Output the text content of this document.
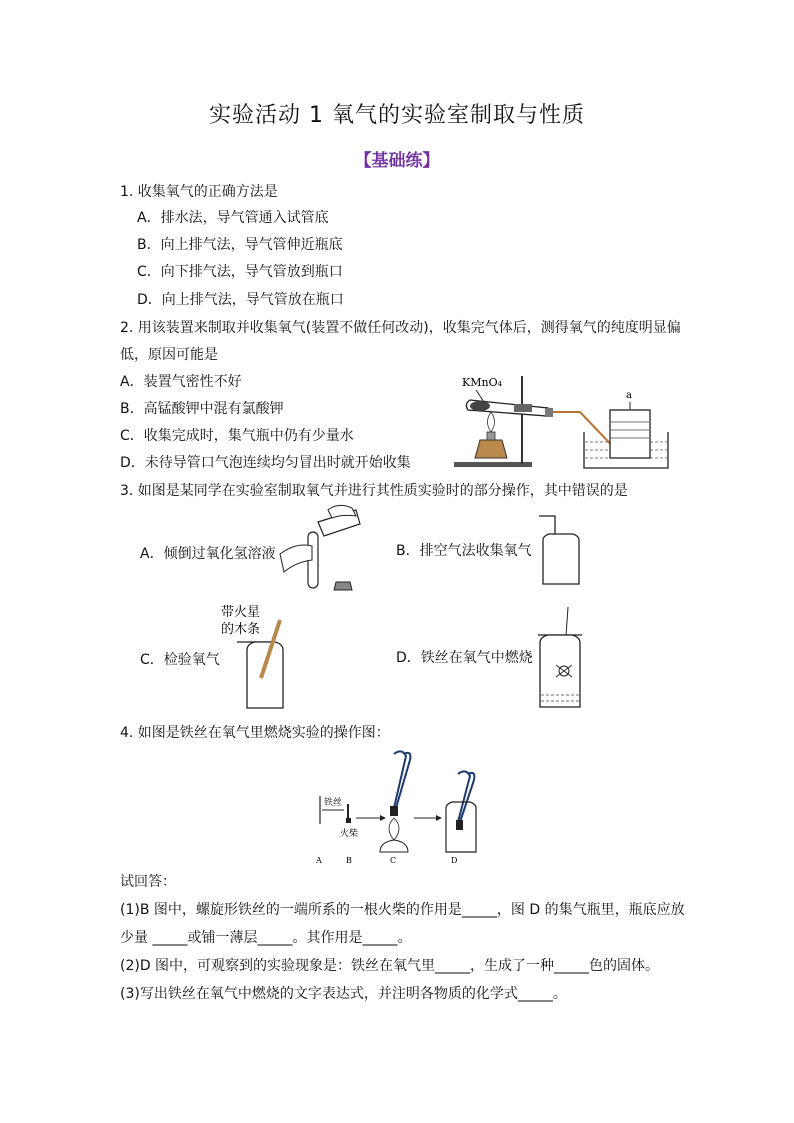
实验活动 1 氧气的实验室制取与性质
【基础练】
1. 收集氧气的正确方法是
A．排水法，导气管通入试管底
B．向上排气法，导气管伸近瓶底
C．向下排气法，导气管放到瓶口
D．向上排气法，导气管放在瓶口
2. 用该装置来制取并收集氧气(装置不做任何改动)，收集完气体后，测得氧气的纯度明显偏
低，原因可能是
A．装置气密性不好
B．高锰酸钾中混有氯酸钾
C．收集完成时，集气瓶中仍有少量水
D．未待导管口气泡连续均匀冒出时就开始收集
KMnO₄
a
3. 如图是某同学在实验室制取氧气并进行其性质实验时的部分操作，其中错误的是
A．倾倒过氧化氢溶液	B．排空气法收集氧气
C．检验氧气	D．铁丝在氧气中燃烧
带火星
的木条
4. 如图是铁丝在氧气里燃烧实验的操作图：
铁丝
火柴
A	B	C	D
试回答：
(1)B 图中，螺旋形铁丝的一端所系的一根火柴的作用是_____，图 D 的集气瓶里，瓶底应放
少量 _____或铺一薄层_____。其作用是_____。
(2)D 图中，可观察到的实验现象是：铁丝在氧气里_____，生成了一种_____色的固体。
(3)写出铁丝在氧气中燃烧的文字表达式，并注明各物质的化学式_____。
